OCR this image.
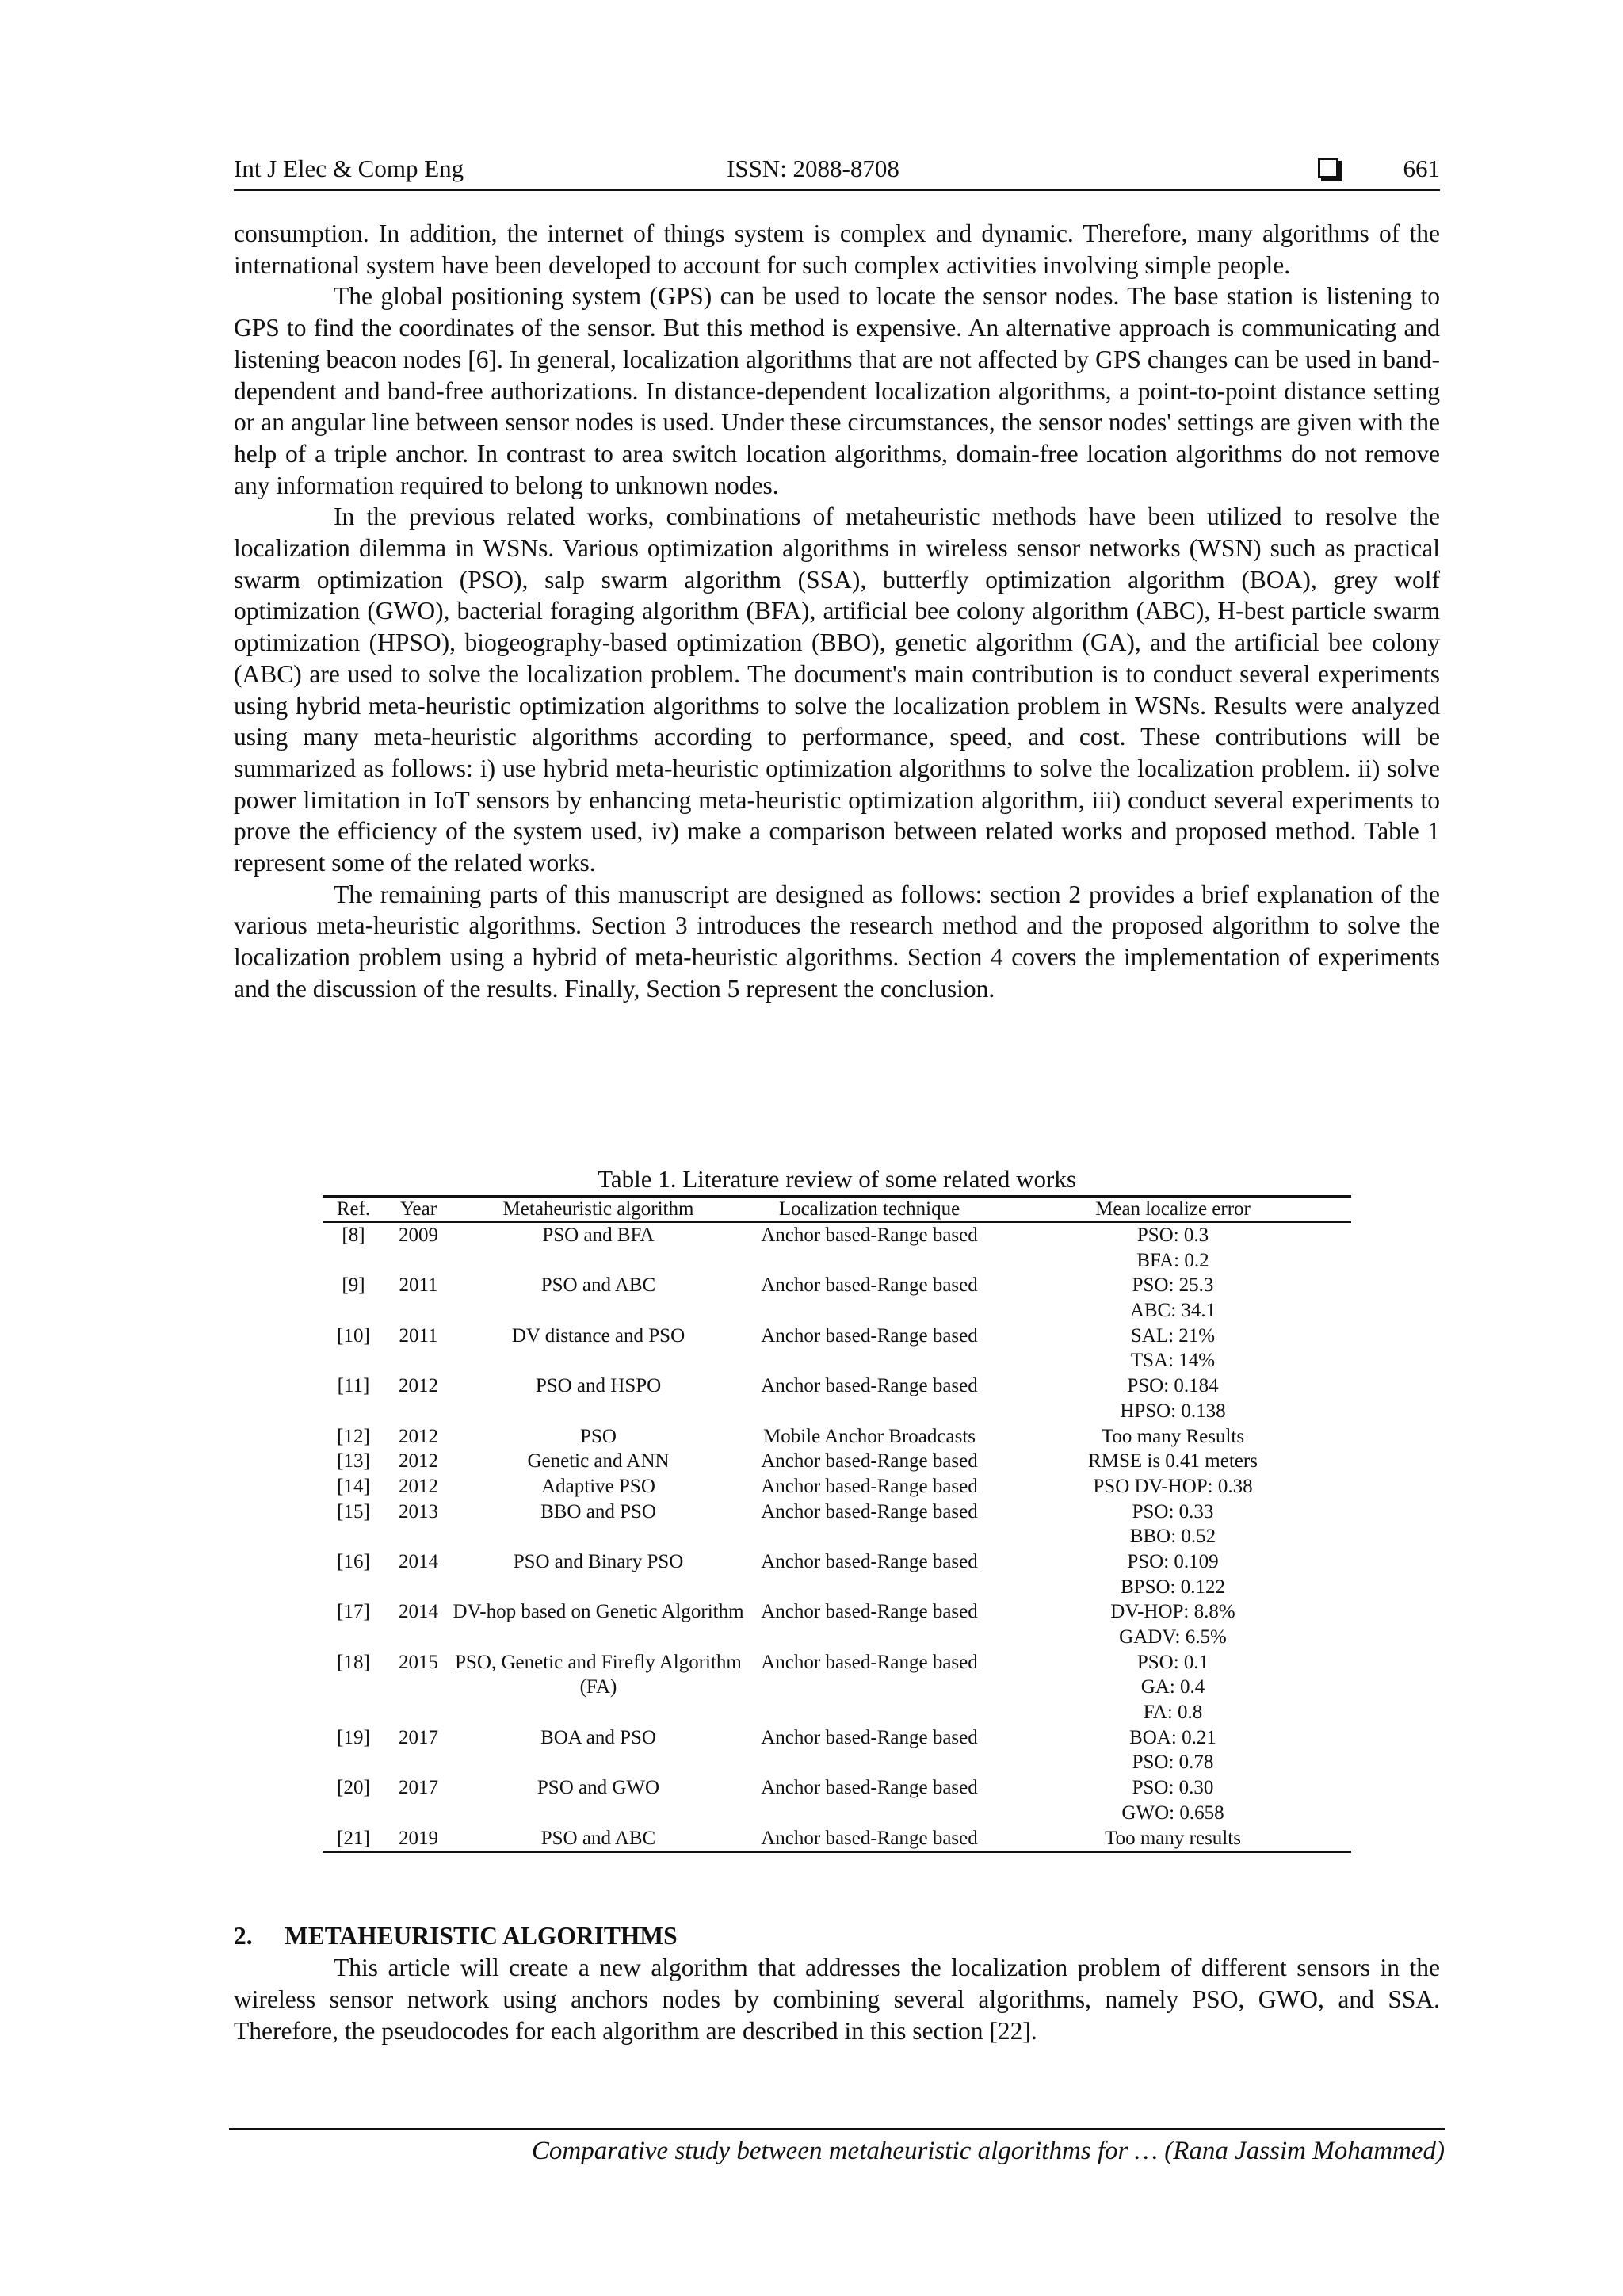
Int J Elec & Comp Eng	ISSN: 2088-8708	661

consumption. In addition, the internet of things system is complex and dynamic. Therefore, many algorithms of the international system have been developed to account for such complex activities involving simple people.

The global positioning system (GPS) can be used to locate the sensor nodes. The base station is listening to GPS to find the coordinates of the sensor. But this method is expensive. An alternative approach is communicating and listening beacon nodes [6]. In general, localization algorithms that are not affected by GPS changes can be used in band-dependent and band-free authorizations. In distance-dependent localization algorithms, a point-to-point distance setting or an angular line between sensor nodes is used. Under these circumstances, the sensor nodes' settings are given with the help of a triple anchor. In contrast to area switch location algorithms, domain-free location algorithms do not remove any information required to belong to unknown nodes.

In the previous related works, combinations of metaheuristic methods have been utilized to resolve the localization dilemma in WSNs. Various optimization algorithms in wireless sensor networks (WSN) such as practical swarm optimization (PSO), salp swarm algorithm (SSA), butterfly optimization algorithm (BOA), grey wolf optimization (GWO), bacterial foraging algorithm (BFA), artificial bee colony algorithm (ABC), H-best particle swarm optimization (HPSO), biogeography-based optimization (BBO), genetic algorithm (GA), and the artificial bee colony (ABC) are used to solve the localization problem. The document's main contribution is to conduct several experiments using hybrid meta-heuristic optimization algorithms to solve the localization problem in WSNs. Results were analyzed using many meta-heuristic algorithms according to performance, speed, and cost. These contributions will be summarized as follows: i) use hybrid meta-heuristic optimization algorithms to solve the localization problem. ii) solve power limitation in IoT sensors by enhancing meta-heuristic optimization algorithm, iii) conduct several experiments to prove the efficiency of the system used, iv) make a comparison between related works and proposed method. Table 1 represent some of the related works.

The remaining parts of this manuscript are designed as follows: section 2 provides a brief explanation of the various meta-heuristic algorithms. Section 3 introduces the research method and the proposed algorithm to solve the localization problem using a hybrid of meta-heuristic algorithms. Section 4 covers the implementation of experiments and the discussion of the results. Finally, Section 5 represent the conclusion.

Table 1. Literature review of some related works
Ref.	Year	Metaheuristic algorithm	Localization technique	Mean localize error

[8]	2009	PSO and BFA	Anchor based-Range based	PSO: 0.3
BFA: 0.2

[9]	2011	PSO and ABC	Anchor based-Range based	PSO: 25.3
ABC: 34.1

[10]	2011	DV distance and PSO	Anchor based-Range based	SAL: 21%
TSA: 14%

[11]	2012	PSO and HSPO	Anchor based-Range based	PSO: 0.184
HPSO: 0.138

[12]	2012	PSO	Mobile Anchor Broadcasts	Too many Results

[13]	2012	Genetic and ANN	Anchor based-Range based	RMSE is 0.41 meters

[14]	2012	Adaptive PSO	Anchor based-Range based	PSO DV-HOP: 0.38

[15]	2013	BBO and PSO	Anchor based-Range based	PSO: 0.33
BBO: 0.52

[16]	2014	PSO and Binary PSO	Anchor based-Range based	PSO: 0.109
BPSO: 0.122

[17]	2014	DV-hop based on Genetic Algorithm	Anchor based-Range based	DV-HOP: 8.8%
GADV: 6.5%

[18]	2015	PSO, Genetic and Firefly Algorithm (FA)	Anchor based-Range based	PSO: 0.1
GA: 0.4
FA: 0.8

[19]	2017	BOA and PSO	Anchor based-Range based	BOA: 0.21
PSO: 0.78

[20]	2017	PSO and GWO	Anchor based-Range based	PSO: 0.30
GWO: 0.658

[21]	2019	PSO and ABC	Anchor based-Range based	Too many results
2. METAHEURISTIC ALGORITHMS

This article will create a new algorithm that addresses the localization problem of different sensors in the wireless sensor network using anchors nodes by combining several algorithms, namely PSO, GWO, and SSA. Therefore, the pseudocodes for each algorithm are described in this section [22].

Comparative study between metaheuristic algorithms for … (Rana Jassim Mohammed)
